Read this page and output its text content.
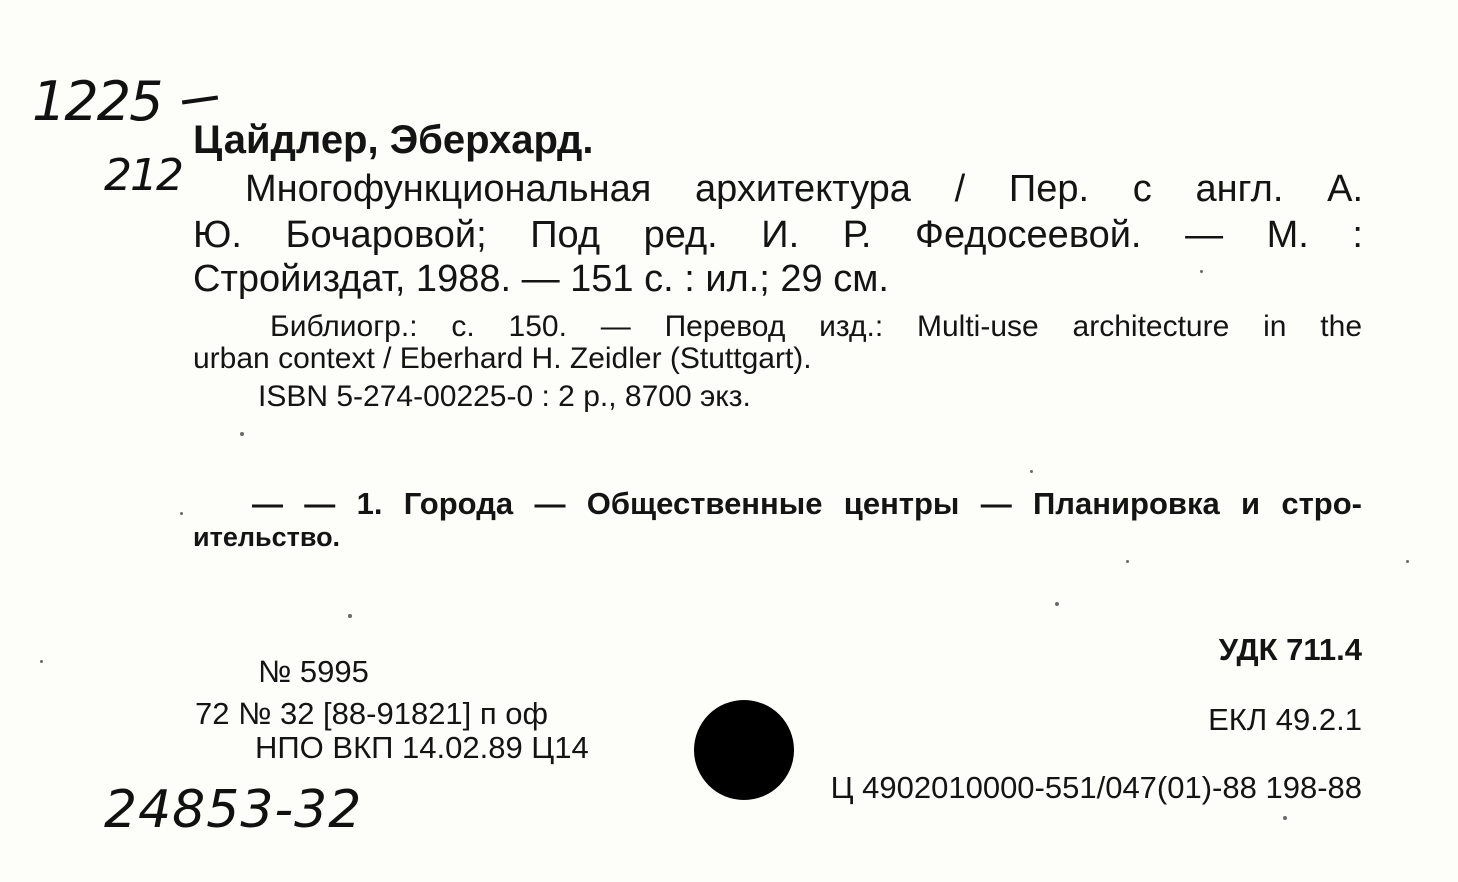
1225
212
Цайдлер, Эберхард.
Многофункциональная архитектура / Пер. с англ. А.
Ю. Бочаровой; Под ред. И. Р. Федосеевой. — М. :
Стройиздат, 1988. — 151 с. : ил.; 29 см.
Библиогр.: с. 150. — Перевод изд.: Multi-use architecture in the
urban context / Eberhard H. Zeidler (Stuttgart).
ISBN 5-274-00225-0 : 2 р., 8700 экз.
— — 1. Города — Общественные центры — Планировка и стро-
ительство.
№ 5995
72 № 32 [88-91821] п оф
НПО ВКП 14.02.89 Ц14
УДК 711.4
ЕКЛ 49.2.1
Ц 4902010000-551/047(01)-88 198-88
24853-32
